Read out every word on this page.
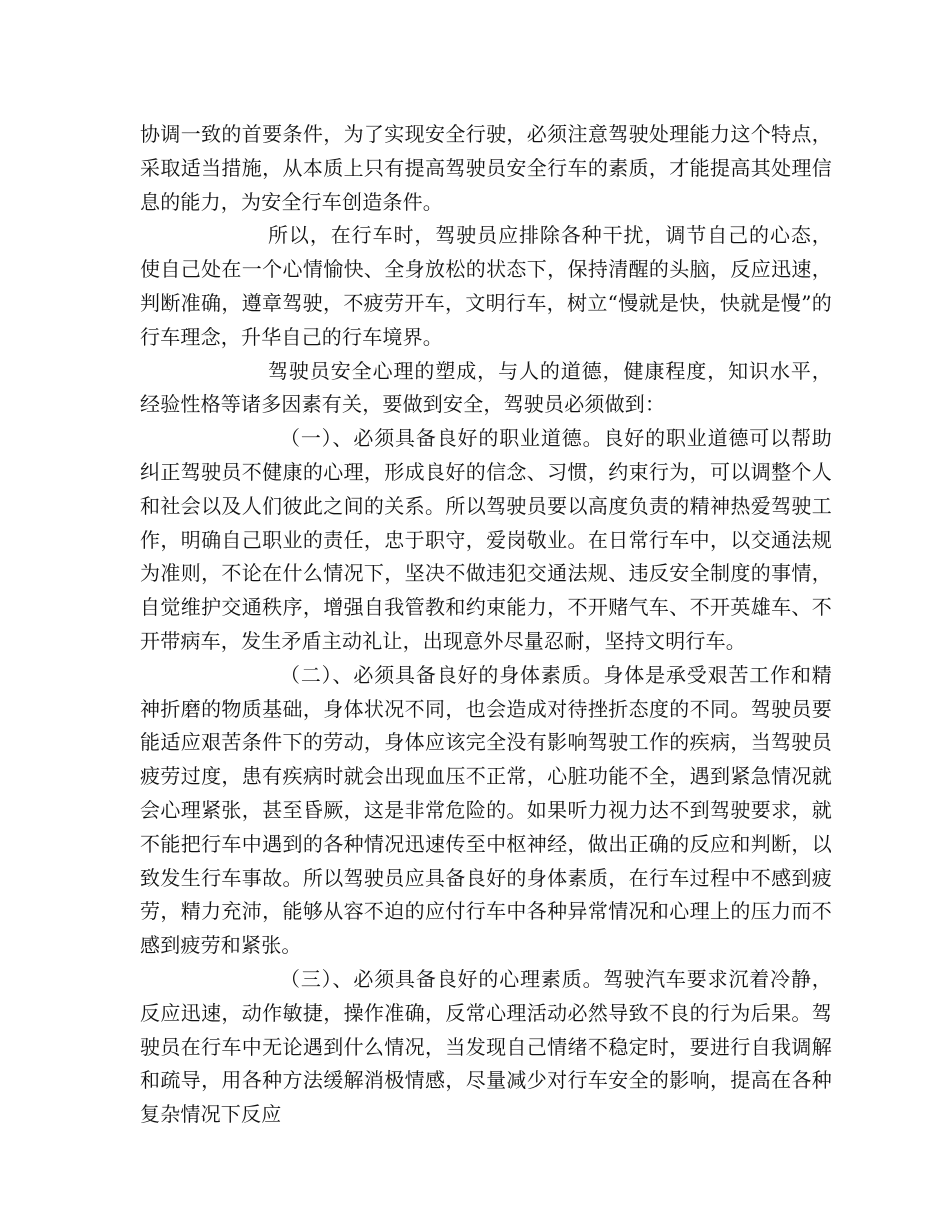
协调一致的首要条件，为了实现安全行驶，必须注意驾驶处理能力这个特点，采取适当措施，从本质上只有提高驾驶员安全行车的素质，才能提高其处理信息的能力，为安全行车创造条件。

所以，在行车时，驾驶员应排除各种干扰，调节自己的心态，使自己处在一个心情愉快、全身放松的状态下，保持清醒的头脑，反应迅速，判断准确，遵章驾驶，不疲劳开车，文明行车，树立“慢就是快，快就是慢”的行车理念，升华自己的行车境界。

驾驶员安全心理的塑成，与人的道德，健康程度，知识水平，经验性格等诸多因素有关，要做到安全，驾驶员必须做到：

（一）、必须具备良好的职业道德。良好的职业道德可以帮助纠正驾驶员不健康的心理，形成良好的信念、习惯，约束行为，可以调整个人和社会以及人们彼此之间的关系。所以驾驶员要以高度负责的精神热爱驾驶工作，明确自己职业的责任，忠于职守，爱岗敬业。在日常行车中，以交通法规为准则，不论在什么情况下，坚决不做违犯交通法规、违反安全制度的事情，自觉维护交通秩序，增强自我管教和约束能力，不开赌气车、不开英雄车、不开带病车，发生矛盾主动礼让，出现意外尽量忍耐，坚持文明行车。

（二）、必须具备良好的身体素质。身体是承受艰苦工作和精神折磨的物质基础，身体状况不同，也会造成对待挫折态度的不同。驾驶员要能适应艰苦条件下的劳动，身体应该完全没有影响驾驶工作的疾病，当驾驶员疲劳过度，患有疾病时就会出现血压不正常，心脏功能不全，遇到紧急情况就会心理紧张，甚至昏厥，这是非常危险的。如果听力视力达不到驾驶要求，就不能把行车中遇到的各种情况迅速传至中枢神经，做出正确的反应和判断，以致发生行车事故。所以驾驶员应具备良好的身体素质，在行车过程中不感到疲劳，精力充沛，能够从容不迫的应付行车中各种异常情况和心理上的压力而不感到疲劳和紧张。

（三）、必须具备良好的心理素质。驾驶汽车要求沉着冷静，反应迅速，动作敏捷，操作准确，反常心理活动必然导致不良的行为后果。驾驶员在行车中无论遇到什么情况，当发现自己情绪不稳定时，要进行自我调解和疏导，用各种方法缓解消极情感，尽量减少对行车安全的影响，提高在各种复杂情况下反应
